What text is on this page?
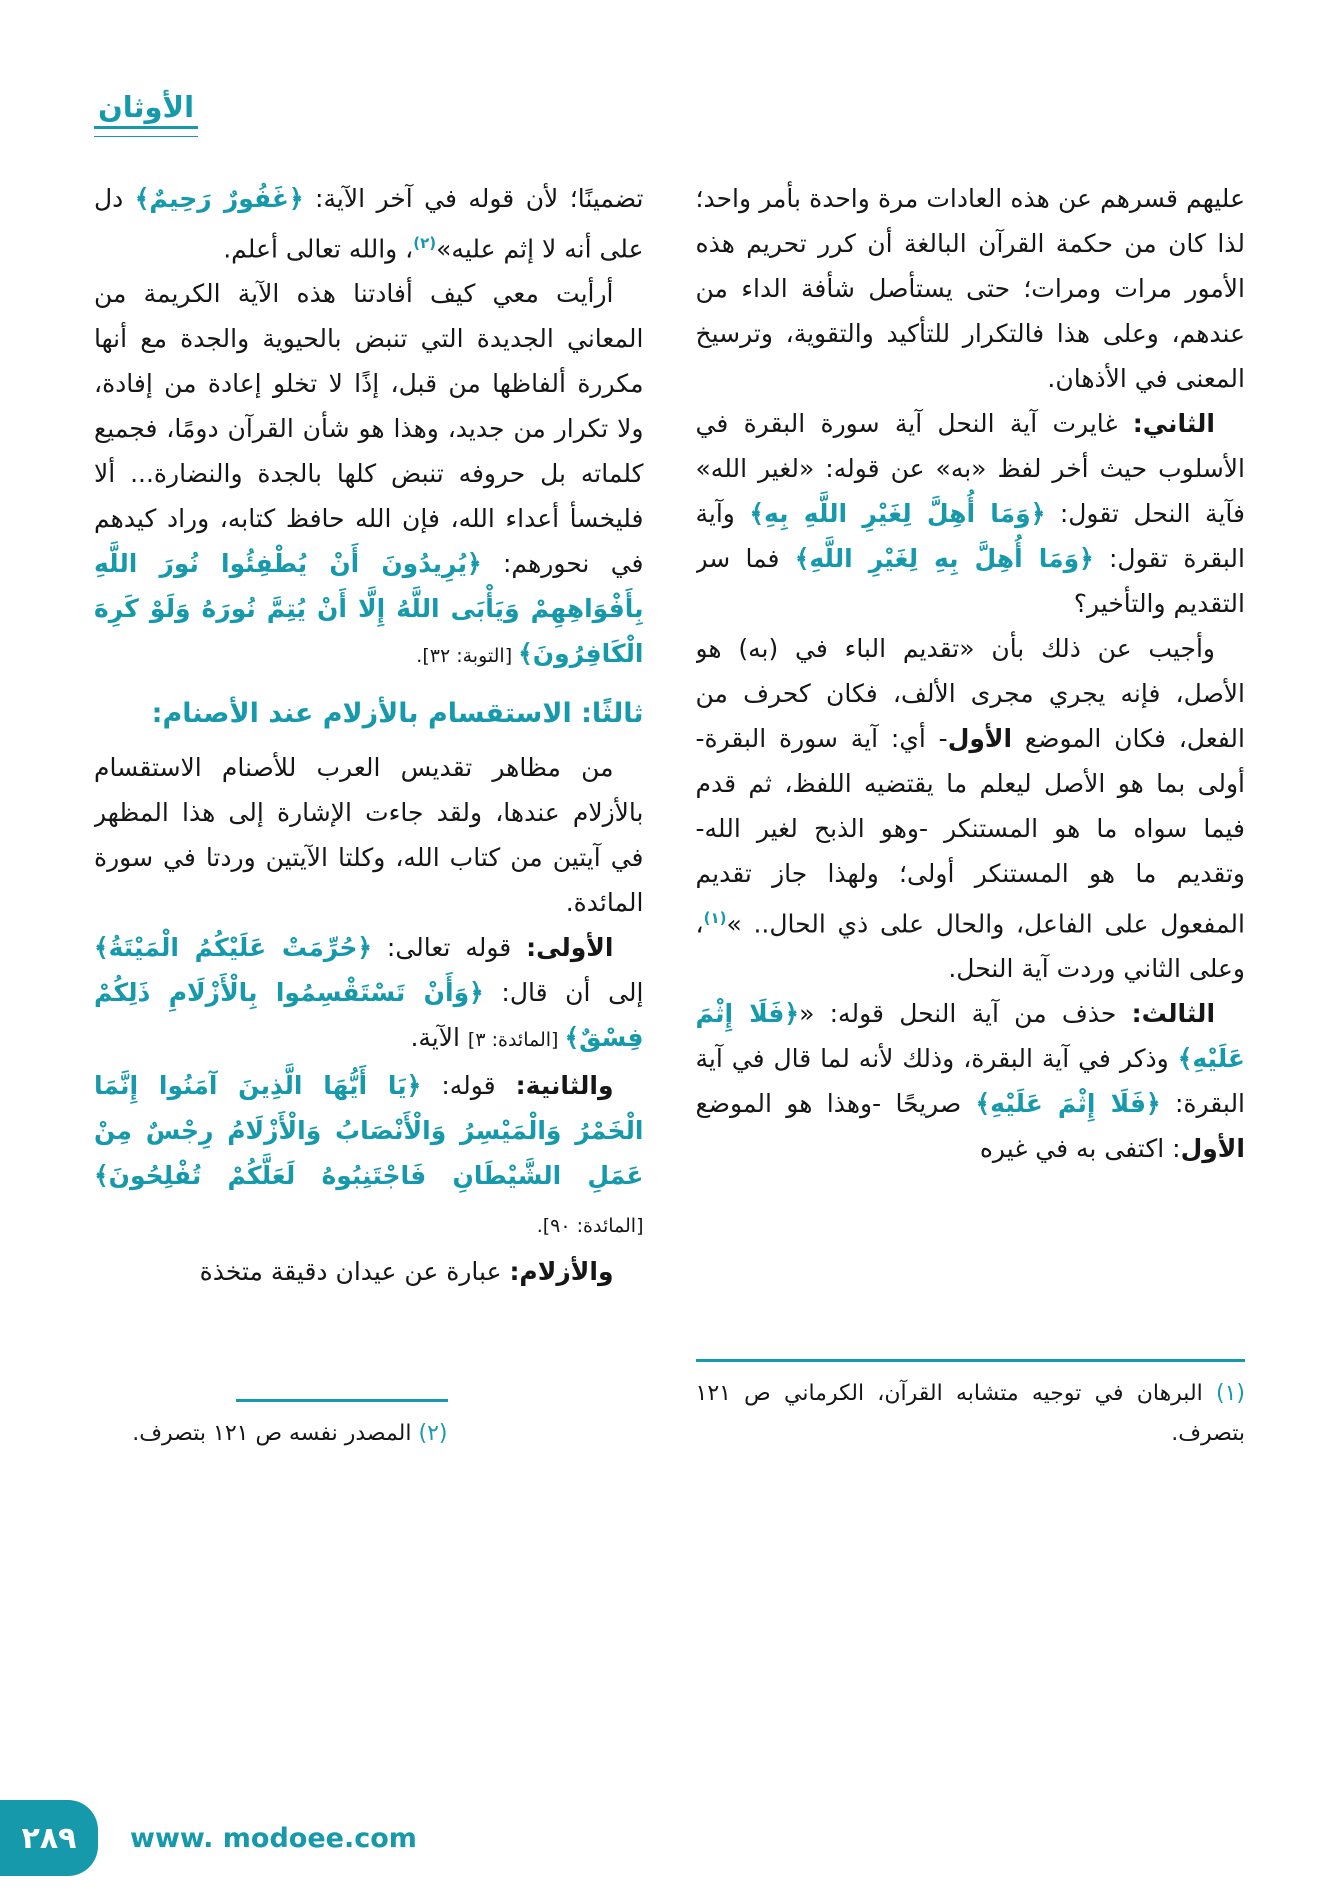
الأوثان

عليهم قسرهم عن هذه العادات مرة واحدة بأمر واحد؛ لذا كان من حكمة القرآن البالغة أن كرر تحريم هذه الأمور مرات ومرات؛ حتى يستأصل شأفة الداء من عندهم، وعلى هذا فالتكرار للتأكيد والتقوية، وترسيخ المعنى في الأذهان.

الثاني: غايرت آية النحل آية سورة البقرة في الأسلوب حيث أخر لفظ «به» عن قوله: «لغير الله» فآية النحل تقول: ﴿وَمَا أُهِلَّ لِغَيْرِ اللَّهِ بِهِ﴾ وآية البقرة تقول: ﴿وَمَا أُهِلَّ بِهِ لِغَيْرِ اللَّهِ﴾ فما سر التقديم والتأخير؟

وأجيب عن ذلك بأن «تقديم الباء في (به) هو الأصل، فإنه يجري مجرى الألف، فكان كحرف من الفعل، فكان الموضع الأول- أي: آية سورة البقرة- أولى بما هو الأصل ليعلم ما يقتضيه اللفظ، ثم قدم فيما سواه ما هو المستنكر -وهو الذبح لغير الله- وتقديم ما هو المستنكر أولى؛ ولهذا جاز تقديم المفعول على الفاعل، والحال على ذي الحال.. »$^{(١)}$، وعلى الثاني وردت آية النحل.

الثالث: حذف من آية النحل قوله: «﴿فَلَا إِثْمَ عَلَيْهِ﴾ وذكر في آية البقرة، وذلك لأنه لما قال في آية البقرة: ﴿فَلَا إِثْمَ عَلَيْهِ﴾ صريحًا -وهذا هو الموضع الأول: اكتفى به في غيره

(١) البرهان في توجيه متشابه القرآن، الكرماني ص ١٢١ بتصرف.

تضمينًا؛ لأن قوله في آخر الآية: ﴿غَفُورٌ رَحِيمٌ﴾ دل على أنه لا إثم عليه»$^{(٢)}$، والله تعالى أعلم.

أرأيت معي كيف أفادتنا هذه الآية الكريمة من المعاني الجديدة التي تنبض بالحيوية والجدة مع أنها مكررة ألفاظها من قبل، إذًا لا تخلو إعادة من إفادة، ولا تكرار من جديد، وهذا هو شأن القرآن دومًا، فجميع كلماته بل حروفه تنبض كلها بالجدة والنضارة... ألا فليخسأ أعداء الله، فإن الله حافظ كتابه، وراد كيدهم في نحورهم: ﴿يُرِيدُونَ أَنْ يُطْفِئُوا نُورَ اللَّهِ بِأَفْوَاهِهِمْ وَيَأْبَى اللَّهُ إِلَّا أَنْ يُتِمَّ نُورَهُ وَلَوْ كَرِهَ الْكَافِرُونَ﴾ [التوبة: ٣٢].

ثالثًا: الاستقسام بالأزلام عند الأصنام:

من مظاهر تقديس العرب للأصنام الاستقسام بالأزلام عندها، ولقد جاءت الإشارة إلى هذا المظهر في آيتين من كتاب الله، وكلتا الآيتين وردتا في سورة المائدة.

الأولى: قوله تعالى: ﴿حُرِّمَتْ عَلَيْكُمُ الْمَيْتَةُ﴾ إلى أن قال: ﴿وَأَنْ تَسْتَقْسِمُوا بِالْأَزْلَامِ ذَلِكُمْ فِسْقٌ﴾ [المائدة: ٣] الآية.

والثانية: قوله: ﴿يَا أَيُّهَا الَّذِينَ آمَنُوا إِنَّمَا الْخَمْرُ وَالْمَيْسِرُ وَالْأَنْصَابُ وَالْأَزْلَامُ رِجْسٌ مِنْ عَمَلِ الشَّيْطَانِ فَاجْتَنِبُوهُ لَعَلَّكُمْ تُفْلِحُونَ﴾ [المائدة: ٩٠].

والأزلام: عبارة عن عيدان دقيقة متخذة

(٢) المصدر نفسه ص ١٢١ بتصرف.

٢٨٩	www. modoee.com
